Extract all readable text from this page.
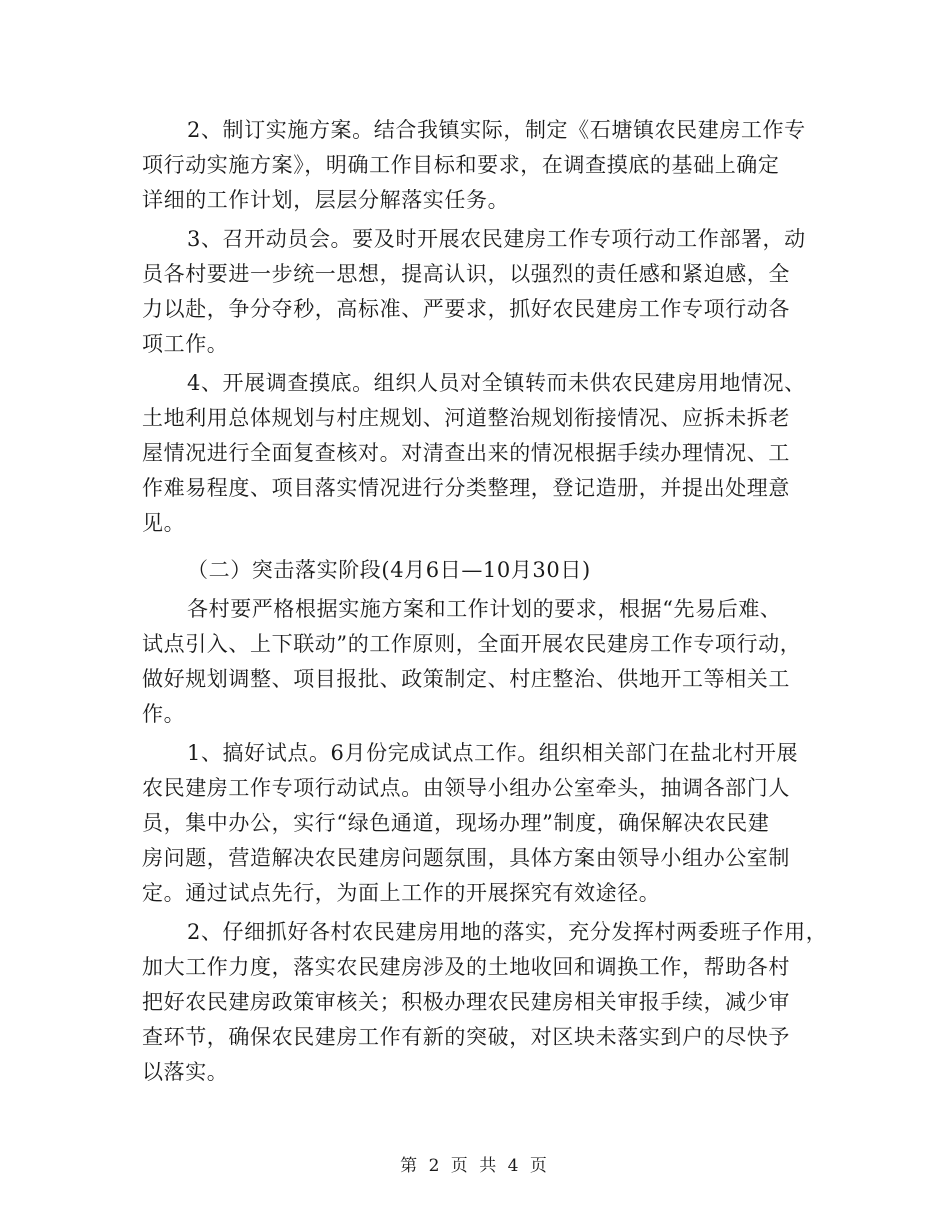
2、制订实施方案。结合我镇实际，制定《石塘镇农民建房工作专
项行动实施方案》，明确工作目标和要求，在调查摸底的基础上确定
详细的工作计划，层层分解落实任务。
3、召开动员会。要及时开展农民建房工作专项行动工作部署，动
员各村要进一步统一思想，提高认识，以强烈的责任感和紧迫感，全
力以赴，争分夺秒，高标准、严要求，抓好农民建房工作专项行动各
项工作。
4、开展调查摸底。组织人员对全镇转而未供农民建房用地情况、
土地利用总体规划与村庄规划、河道整治规划衔接情况、应拆未拆老
屋情况进行全面复查核对。对清查出来的情况根据手续办理情况、工
作难易程度、项目落实情况进行分类整理，登记造册，并提出处理意
见。
（二）突击落实阶段(4月6日—10月30日)
各村要严格根据实施方案和工作计划的要求，根据“先易后难、
试点引入、上下联动”的工作原则，全面开展农民建房工作专项行动，
做好规划调整、项目报批、政策制定、村庄整治、供地开工等相关工
作。
1、搞好试点。6月份完成试点工作。组织相关部门在盐北村开展
农民建房工作专项行动试点。由领导小组办公室牵头，抽调各部门人
员，集中办公，实行“绿色通道，现场办理”制度，确保解决农民建
房问题，营造解决农民建房问题氛围，具体方案由领导小组办公室制
定。通过试点先行，为面上工作的开展探究有效途径。
2、仔细抓好各村农民建房用地的落实，充分发挥村两委班子作用，
加大工作力度，落实农民建房涉及的土地收回和调换工作，帮助各村
把好农民建房政策审核关；积极办理农民建房相关审报手续，减少审
查环节，确保农民建房工作有新的突破，对区块未落实到户的尽快予
以落实。
第 2 页 共 4 页
